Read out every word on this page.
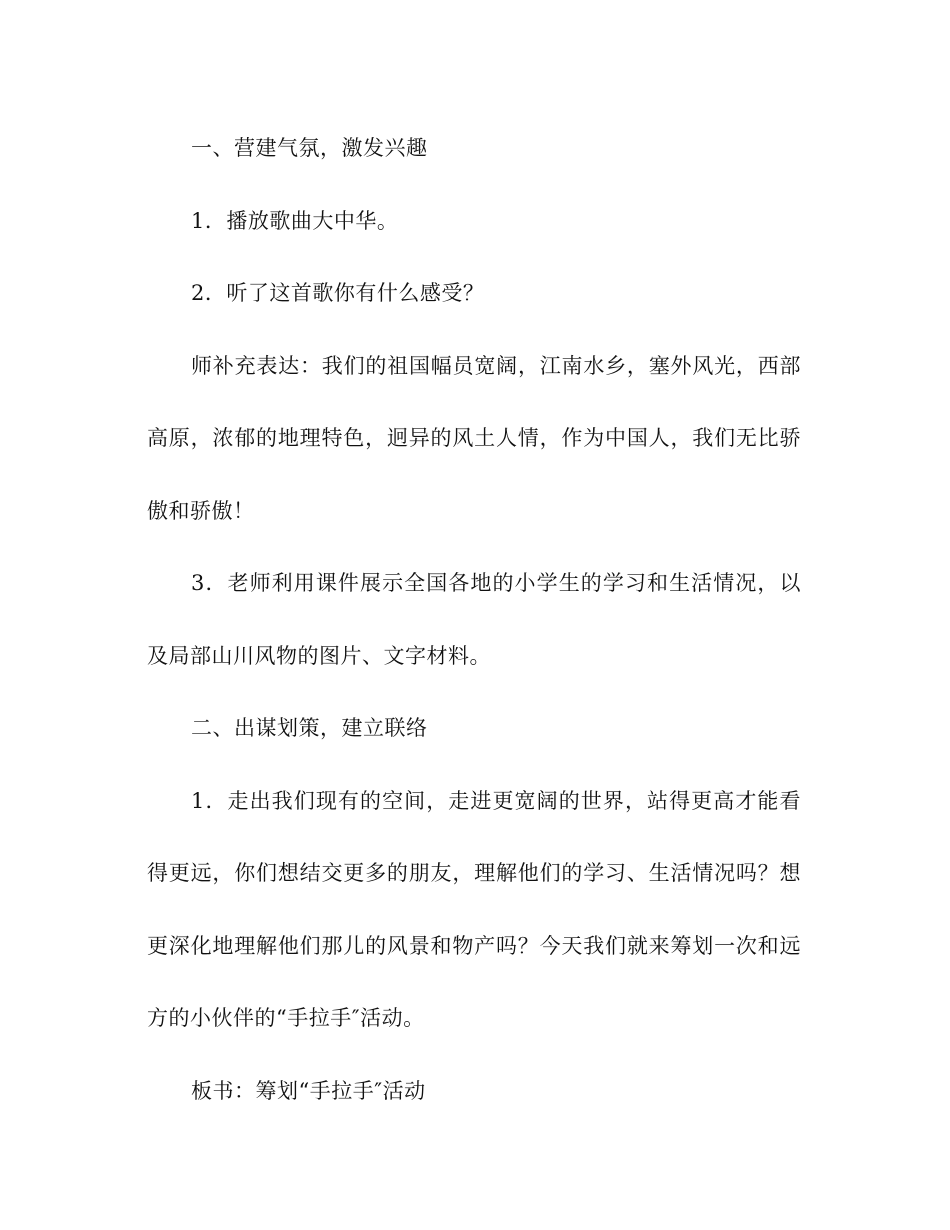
一、营建气氛，激发兴趣

1．播放歌曲大中华。

2．听了这首歌你有什么感受？

师补充表达：我们的祖国幅员宽阔，江南水乡，塞外风光，西部高原，浓郁的地理特色，迥异的风土人情，作为中国人，我们无比骄傲和骄傲！

3．老师利用课件展示全国各地的小学生的学习和生活情况，以及局部山川风物的图片、文字材料。

二、出谋划策，建立联络

1．走出我们现有的空间，走进更宽阔的世界，站得更高才能看得更远，你们想结交更多的朋友，理解他们的学习、生活情况吗？想更深化地理解他们那儿的风景和物产吗？今天我们就来筹划一次和远方的小伙伴的“手拉手″活动。

板书：筹划“手拉手″活动
